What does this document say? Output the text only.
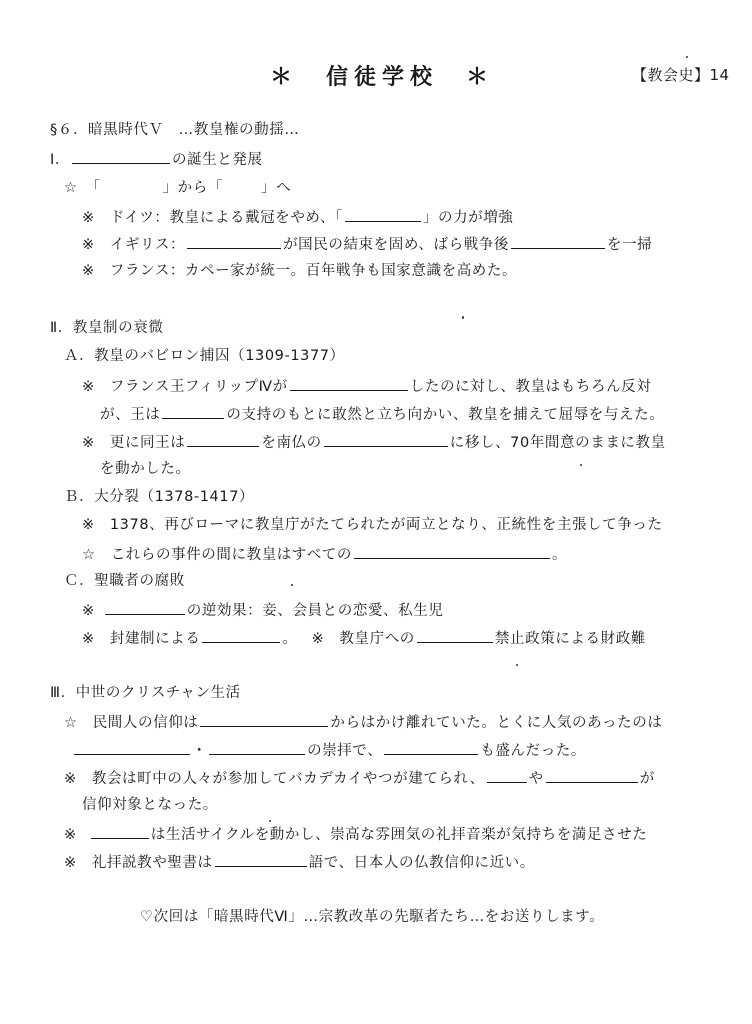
＊　信徒学校　＊	【教会史】14
§６．暗黒時代Ｖ　…教皇権の動揺…
Ⅰ．	の誕生と発展
☆　「	」から「	」へ
※　ドイツ：教皇による戴冠をやめ、「	」の力が増強
※　イギリス：	が国民の結束を固め、ばら戦争後	を一掃
※　フランス：カペー家が統一。百年戦争も国家意識を高めた。
Ⅱ．教皇制の衰微
Ａ．教皇のバビロン捕囚（1309-1377）
※　フランス王フィリップⅣが	したのに対し、教皇はもちろん反対
が、王は	の支持のもとに敢然と立ち向かい、教皇を捕えて屈辱を与えた。
※　更に同王は	を南仏の	に移し、70年間意のままに教皇
を動かした。
Ｂ．大分裂（1378-1417）
※　1378、再びローマに教皇庁がたてられたが両立となり、正統性を主張して争った
☆　これらの事件の間に教皇はすべての	。
Ｃ．聖職者の腐敗
※	の逆効果：妾、会員との恋愛、私生児
※　封建制による	。 ※　教皇庁への	禁止政策による財政難
Ⅲ．中世のクリスチャン生活
☆　民間人の信仰は	からはかけ離れていた。とくに人気のあったのは
・	の崇拝で、	も盛んだった。
※　教会は町中の人々が参加してバカデカイやつが建てられ、	や	が
信仰対象となった。
※	は生活サイクルを動かし、崇高な雰囲気の礼拝音楽が気持ちを満足させた
※　礼拝説教や聖書は	語で、日本人の仏教信仰に近い。
♡次回は「暗黒時代Ⅵ」…宗教改革の先駆者たち…をお送りします。
